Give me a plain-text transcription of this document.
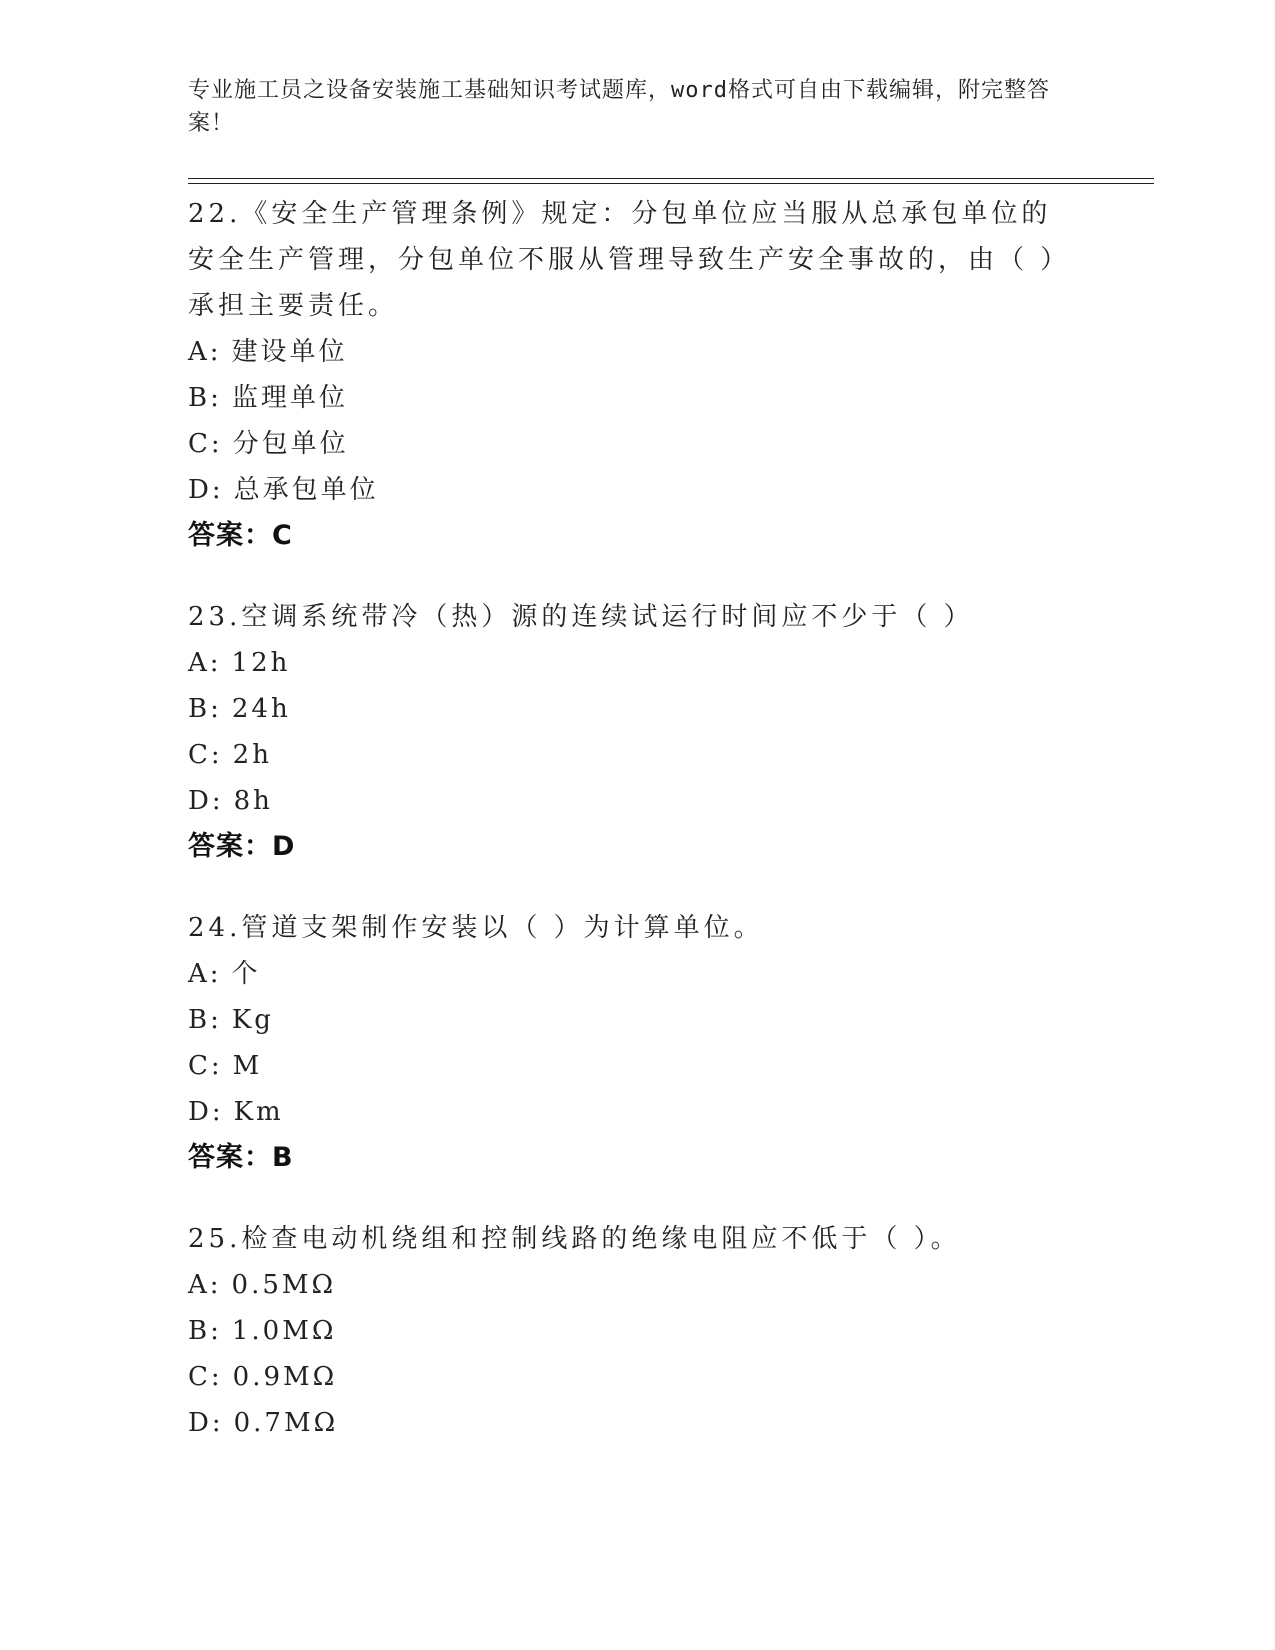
专业施工员之设备安装施工基础知识考试题库，word格式可自由下载编辑，附完整答案！
22.《安全生产管理条例》规定：分包单位应当服从总承包单位的安全生产管理，分包单位不服从管理导致生产安全事故的，由（ ）承担主要责任。
A: 建设单位
B: 监理单位
C: 分包单位
D: 总承包单位
答案：C
23.空调系统带冷（热）源的连续试运行时间应不少于（ ）
A: 12h
B: 24h
C: 2h
D: 8h
答案：D
24.管道支架制作安装以（ ）为计算单位。
A: 个
B: Kg
C: M
D: Km
答案：B
25.检查电动机绕组和控制线路的绝缘电阻应不低于（ ）。
A: 0.5MΩ
B: 1.0MΩ
C: 0.9MΩ
D: 0.7MΩ
